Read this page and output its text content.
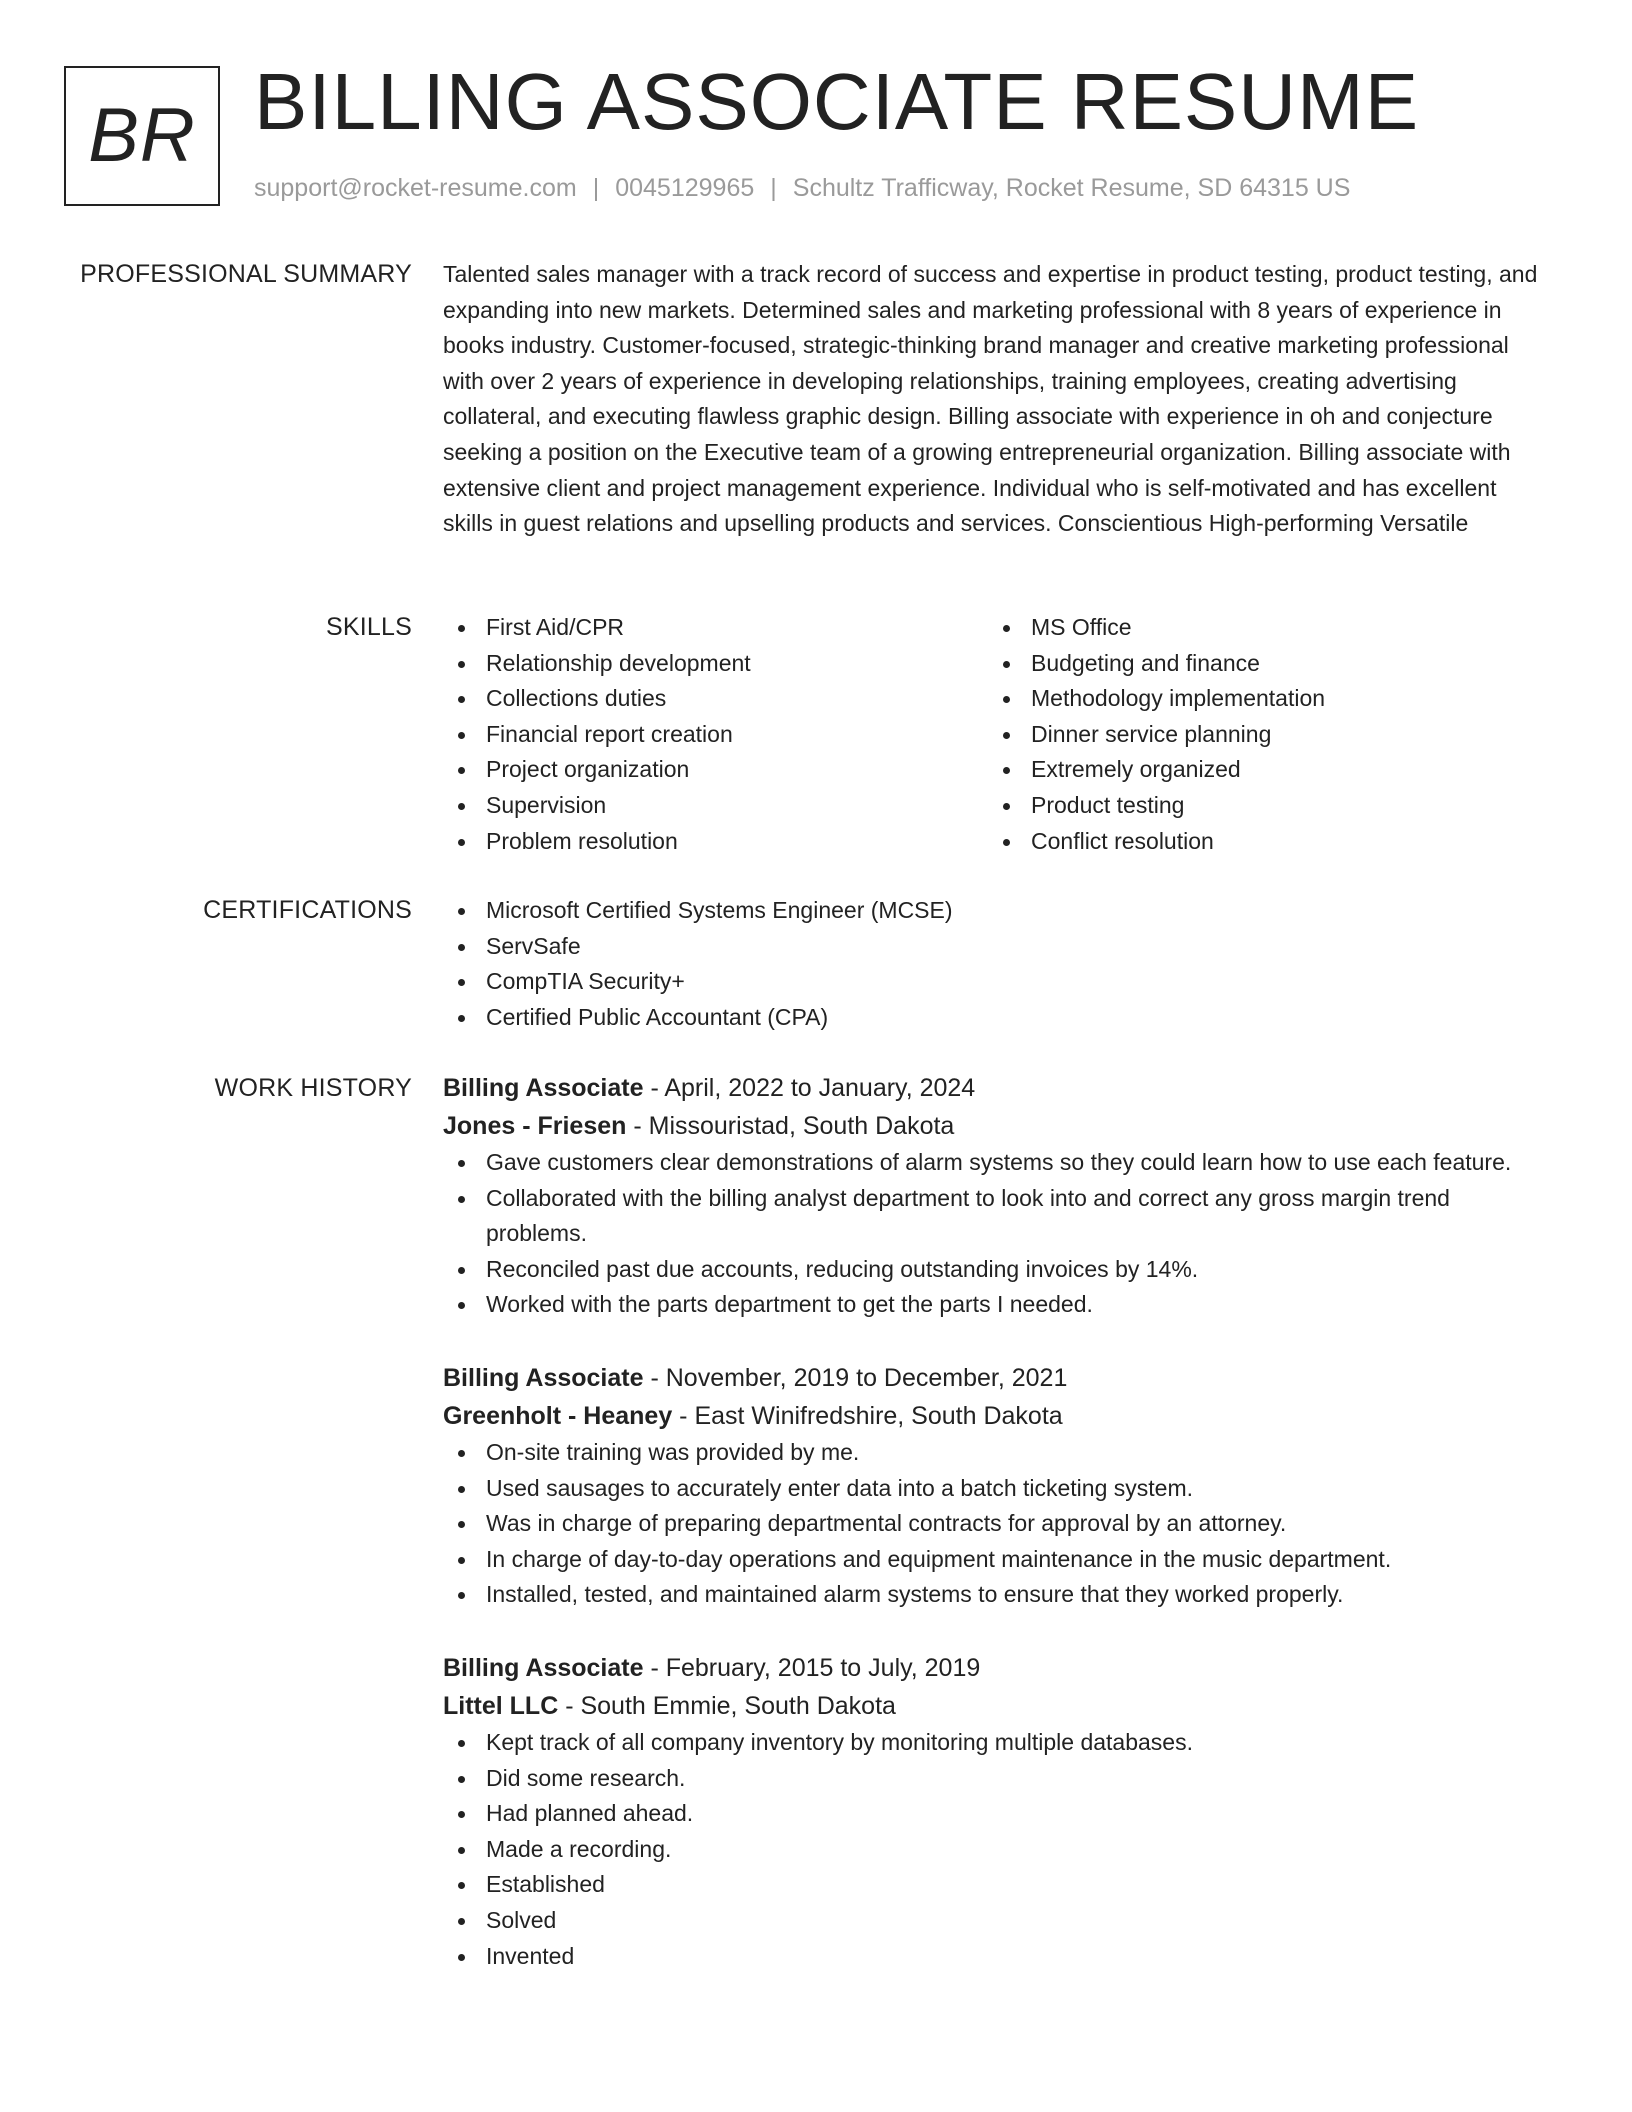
BR BILLING ASSOCIATE RESUME
support@rocket-resume.com | 0045129965 | Schultz Trafficway, Rocket Resume, SD 64315 US
PROFESSIONAL SUMMARY Talented sales manager with a track record of success and expertise in product testing, product testing, and expanding into new markets. Determined sales and marketing professional with 8 years of experience in books industry. Customer-focused, strategic-thinking brand manager and creative marketing professional with over 2 years of experience in developing relationships, training employees, creating advertising collateral, and executing flawless graphic design. Billing associate with experience in oh and conjecture seeking a position on the Executive team of a growing entrepreneurial organization. Billing associate with extensive client and project management experience. Individual who is self-motivated and has excellent skills in guest relations and upselling products and services. Conscientious High-performing Versatile

SKILLS	First Aid/CPR
Relationship development
Collections duties
Financial report creation
Project organization
Supervision
Problem resolution
MS Office
Budgeting and finance
Methodology implementation
Dinner service planning
Extremely organized
Product testing
Conflict resolution
CERTIFICATIONS	Microsoft Certified Systems Engineer (MCSE)
ServSafe
CompTIA Security+
Certified Public Accountant (CPA)
WORK HISTORY Billing Associate - April, 2022 to January, 2024
Jones - Friesen - Missouristad, South Dakota
Gave customers clear demonstrations of alarm systems so they could learn how to use each feature.
Collaborated with the billing analyst department to look into and correct any gross margin trend problems.
Reconciled past due accounts, reducing outstanding invoices by 14%.
Worked with the parts department to get the parts I needed.
Billing Associate - November, 2019 to December, 2021
Greenholt - Heaney - East Winifredshire, South Dakota
On-site training was provided by me.
Used sausages to accurately enter data into a batch ticketing system.
Was in charge of preparing departmental contracts for approval by an attorney.
In charge of day-to-day operations and equipment maintenance in the music department.
Installed, tested, and maintained alarm systems to ensure that they worked properly.
Billing Associate - February, 2015 to July, 2019
Littel LLC - South Emmie, South Dakota
Kept track of all company inventory by monitoring multiple databases.
Did some research.
Had planned ahead.
Made a recording.
Established
Solved
Invented
